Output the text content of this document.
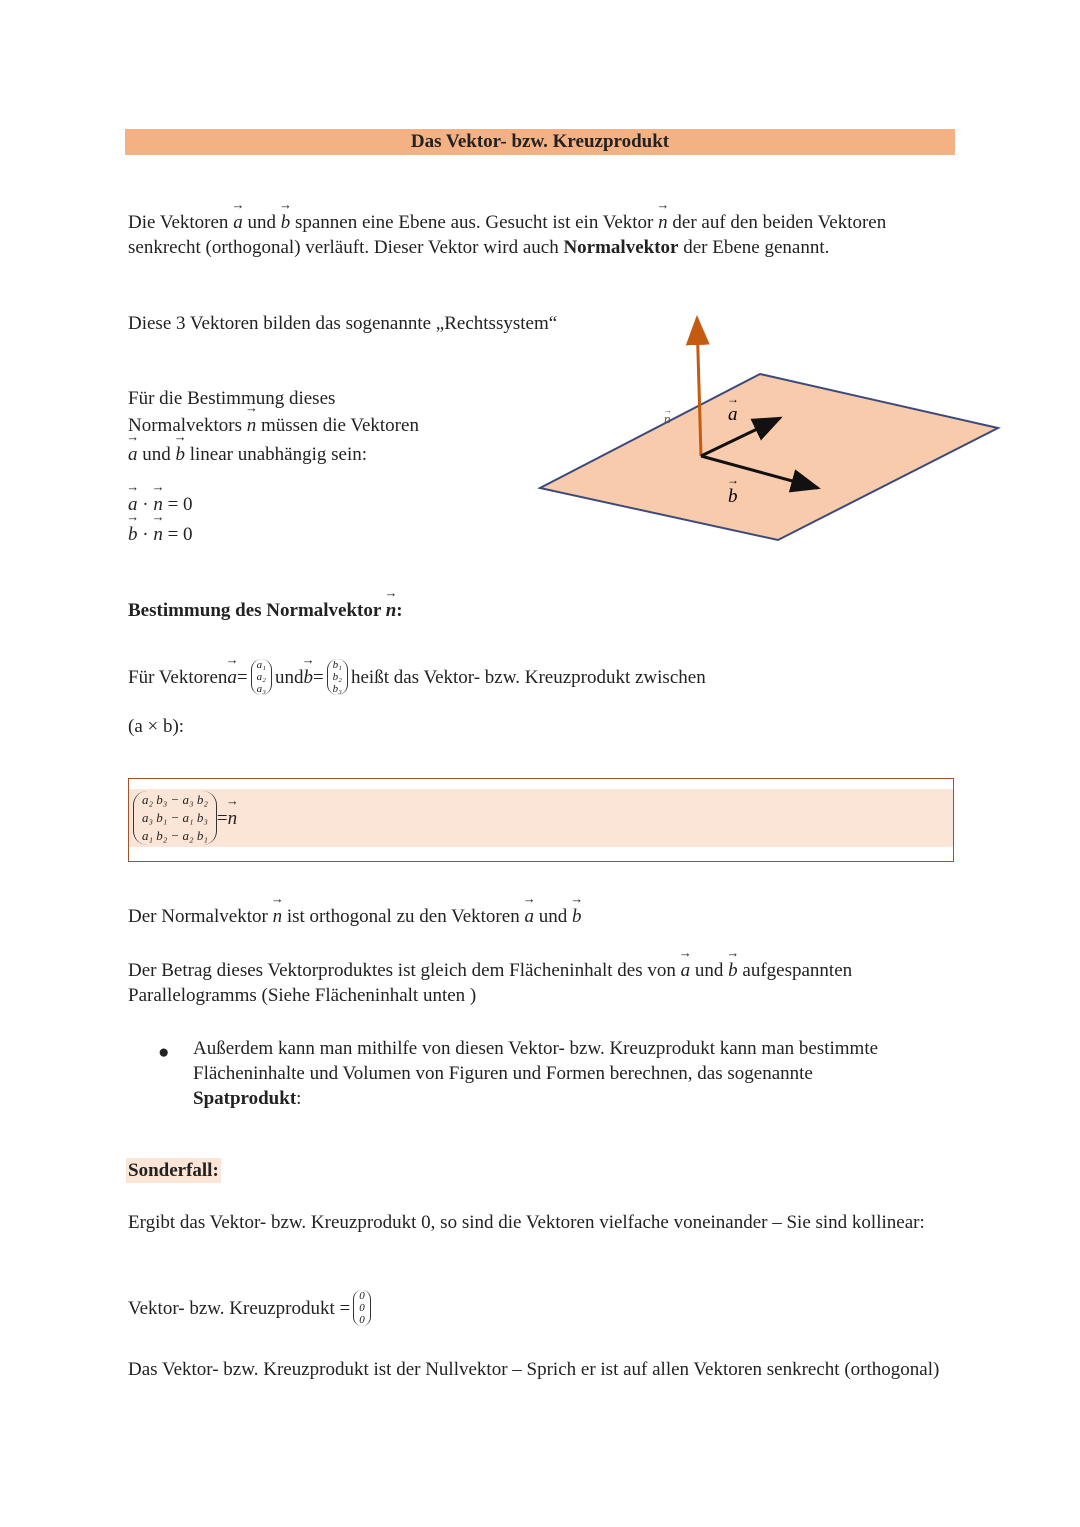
Das Vektor- bzw. Kreuzprodukt
Die Vektoren → a und → b spannen eine Ebene aus. Gesucht ist ein Vektor → n der auf den beiden Vektoren senkrecht (orthogonal) verläuft. Dieser Vektor wird auch Normalvektor der Ebene genannt.
Diese 3 Vektoren bilden das sogenannte „Rechtssystem“
Für die Bestimmung dieses
Normalvektors → n müssen die Vektoren
→ a und → b linear unabhängig sein:
→ a · → n = 0
→ b · → n = 0
a
→
b
→
n
→
Bestimmung des Normalvektor → n:
Für Vektoren → a =
a₁
a₂
a₃
und → b =
b₁
b₂
b₃
heißt das Vektor- bzw. Kreuzprodukt zwischen
(a × b):
a₂ b₃ − a₃ b₂
a₃ b₁ − a₁ b₃
a₁ b₂ − a₂ b₁
= → n
Der Normalvektor → n ist orthogonal zu den Vektoren → a und → b
Der Betrag dieses Vektorproduktes ist gleich dem Flächeninhalt des von → a und → b aufgespannten Parallelogramms (Siehe Flächeninhalt unten )
● Außerdem kann man mithilfe von diesen Vektor- bzw. Kreuzprodukt kann man bestimmte Flächeninhalte und Volumen von Figuren und Formen berechnen, das sogenannte Spatprodukt:
Sonderfall:
Ergibt das Vektor- bzw. Kreuzprodukt 0, so sind die Vektoren vielfache voneinander – Sie sind kollinear:
Vektor- bzw. Kreuzprodukt =
0
0
0
Das Vektor- bzw. Kreuzprodukt ist der Nullvektor – Sprich er ist auf allen Vektoren senkrecht (orthogonal)
